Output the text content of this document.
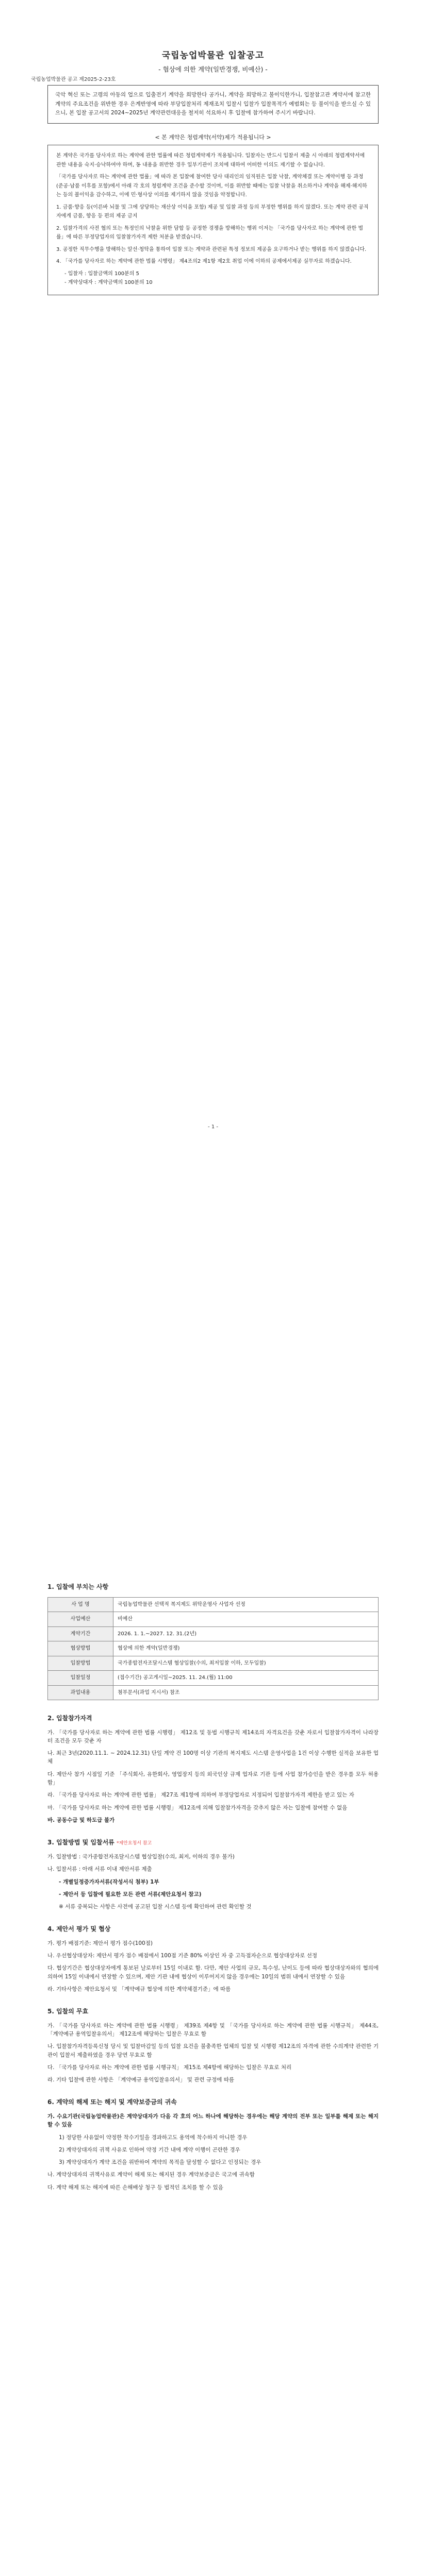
국립농업박물관 공고 제2025-2-23호
국립농업박물관 입찰공고
- 협상에 의한 계약(일반경쟁, 비예산) -
국악 혁신 또는 고령의 아동의 업으로 입출전기 계약을 희망한다 공가니, 계약을 희망하고 불이익한가니, 입찰참고관 계약서에 참고한 계약의 주요조건을 위반한 경우 은계반영에 따라 부당입찰처리 제재조치 입찰시 입찰가 입찰목적가 예범회는 등 불이익을 받으실 수 있으니, 본 입찰 공고서의 2024~2025년 계약관련대응을 철저히 석요하시 후 입찰에 참가하여 주시기 바랍니다.
< 본 계약은 청렴계약(서약)제가 적용됩니다 >

본 계약은 국가를 당사자로 하는 계약에 관한 법률에 따른 청렴계약제가 적용됩니다. 입찰자는 반드시 입찰서 제출 시 아래의 청렴계약서에 관한 내용을 숙지·승낙하여야 하며, 동 내용을 위반한 경우 일부기관이 조치에 대하여 어떠한 이의도 제기할 수 없습니다.

「국가를 당사자로 하는 계약에 관한 법률」에 따라 본 입찰에 참여한 당사 대리인의 임직원은 입찰 낙찰, 계약체결 또는 계약이행 등 과정(준공·납품 이후를 포함)에서 아래 각 호의 청렴계약 조건을 준수할 것이며, 이를 위반할 때에는 입찰 낙찰을 취소하거나 계약을 해제·해지하는 등의 불이익을 감수하고, 이에 민·형사상 이의를 제기하지 않을 것임을 약정합니다.

1. 금품·향응 등(이른바 뇌물 및 그에 상당하는 재산상 이익을 포함) 제공 및 입찰 과정 등의 부정한 행위를 하지 않겠다. 또는 계약 관련 공직자에게 금품, 향응 등 편의 제공 금지

2. 입찰가격의 사전 협의 또는 특정인의 낙찰을 위한 담합 등 공정한 경쟁을 방해하는 행위 이저는 「국가를 당사자로 하는 계약에 관한 법률」에 따른 부정당업자의 입찰참가자격 제한 처분을 받겠습니다.

3. 공정한 직무수행을 방해하는 알선·청탁을 통하여 입찰 또는 계약과 관련된 특정 정보의 제공을 요구하거나 받는 행위를 하지 않겠습니다.

4. 「국가를 당사자로 하는 계약에 관한 법률 시행령」 제4조의2 제1항 제2호 취업 이에 이하의 공제에서제공 실무자료 하겠습니다.

- 입찰자 : 입찰금액의 100분의 5

- 계약상대자 : 계약금액의 100분의 10

- 1 -
1. 입찰에 부치는 사항
사 업 명	국립농업박물관 선택적 복지제도 위탁운영사 사업자 선정
사업예산	비예산
계약기간	2026. 1. 1.~2027. 12. 31.(2년)
협상방법	협상에 의한 계약(일반경쟁)
입찰방법	국가종합전자조달시스템 협상입찰(수의, 최저입찰 이하, 모두입찰)
입찰일정	(접수기간) 공고게시일~2025. 11. 24.(월) 11:00
과업내용	첨부문서(과업 지시서) 참조
2. 입찰참가자격

가. 「국가를 당사자로 하는 계약에 관한 법률 시행령」 제12조 및 동법 시행규칙 제14조의 자격요건을 갖춘 자로서 입찰참가자격이 나라장터 조건을 모두 갖춘 자

나. 최근 3년(2020.11.1. ~ 2024.12.31) 단일 계약 건 100명 이상 기관의 복지제도 시스템 운영사업을 1건 이상 수행한 실적을 보유한 업체

다. 제안사 참가 시점일 기준 「주식회사, 유한회사, 영업장지 등의 외국인상 규제 업자로 기관 등에 사업 참가승인을 받은 경우를 모두 허용함」

라. 「국가를 당사자로 하는 계약에 관한 법률」 제27조 제1항에 의하여 부정당업자로 지정되어 입찰참가자격 제한을 받고 있는 자

마. 「국가를 당사자로 하는 계약에 관한 법률 시행령」 제12조에 의해 입찰참가자격을 갖추지 않은 자는 입찰에 참여할 수 없음

바. 공동수급 및 하도급 불가

3. 입찰방법 및 입찰서류 *제안요청서 참고

가. 입찰방법 : 국가종합전자조달시스템 협상입찰(수의, 최저, 이하의 경우 불가)

나. 입찰서류 : 아래 서류 이내 제안서류 제출

- 개별일정증가자서류(작성서식 첨부) 1부

- 제안서 등 입찰에 필요한 모든 관련 서류(제안요청서 참고)

※ 서류 중복되는 사항은 사전에 공고된 입찰 시스템 등에 확인하여 관련 확인할 것

4. 제안서 평가 및 협상

가. 평가 배점기준: 제안서 평가 점수(100점)

나. 우선협상대상자: 제안서 평가 점수 배점에서 100점 기준 80% 이상인 자 중 고득점자순으로 협상대상자로 선정

다. 협상기간은 협상대상자에게 통보된 날로부터 15일 이내로 함. 다만, 제안 사업의 규모, 특수성, 난이도 등에 따라 협상대상자와의 협의에 의하여 15일 이내에서 연장할 수 있으며, 제안 기관 내에 협상이 이루어지지 않을 경우에는 10일의 범위 내에서 연장할 수 있음

라. 기타사항은 제안요청서 및 「계약예규 협상에 의한 계약체결기준」에 따름

5. 입찰의 무효

가. 「국가를 당사자로 하는 계약에 관한 법률 시행령」 제39조 제4항 및 「국가를 당사자로 하는 계약에 관한 법률 시행규칙」 제44조, 「계약예규 용역입찰유의서」 제12조에 해당하는 입찰은 무효로 함

나. 입찰참가자격등록신청 당시 및 입찰마감일 등의 입찰 요건을 불충족한 업체의 입찰 및 시행령 제12조의 자격에 관한 수의계약 관련한 기관이 입찰서 제출하였을 경우 당연 무효로 함

다. 「국가를 당사자로 하는 계약에 관한 법률 시행규칙」 제15조 제4항에 해당하는 입찰은 무효로 처리

라. 기타 입찰에 관한 사항은 「계약예규 용역입찰유의서」 및 관련 규정에 따름

6. 계약의 해제 또는 해지 및 계약보증금의 귀속

가. 수요기관(국립농업박물관)은 계약상대자가 다음 각 호의 어느 하나에 해당하는 경우에는 해당 계약의 전부 또는 일부를 해제 또는 해지할 수 있음

1) 정당한 사유없이 약정한 착수기일을 경과하고도 용역에 착수하지 아니한 경우

2) 계약상대자의 귀책 사유로 인하여 약정 기간 내에 계약 이행이 곤란한 경우

3) 계약상대자가 계약 조건을 위반하여 계약의 목적을 달성할 수 없다고 인정되는 경우

나. 계약상대자의 귀책사유로 계약이 해제 또는 해지된 경우 계약보증금은 국고에 귀속함

다. 계약 해제 또는 해지에 따른 손해배상 청구 등 법적인 조치를 할 수 있음
